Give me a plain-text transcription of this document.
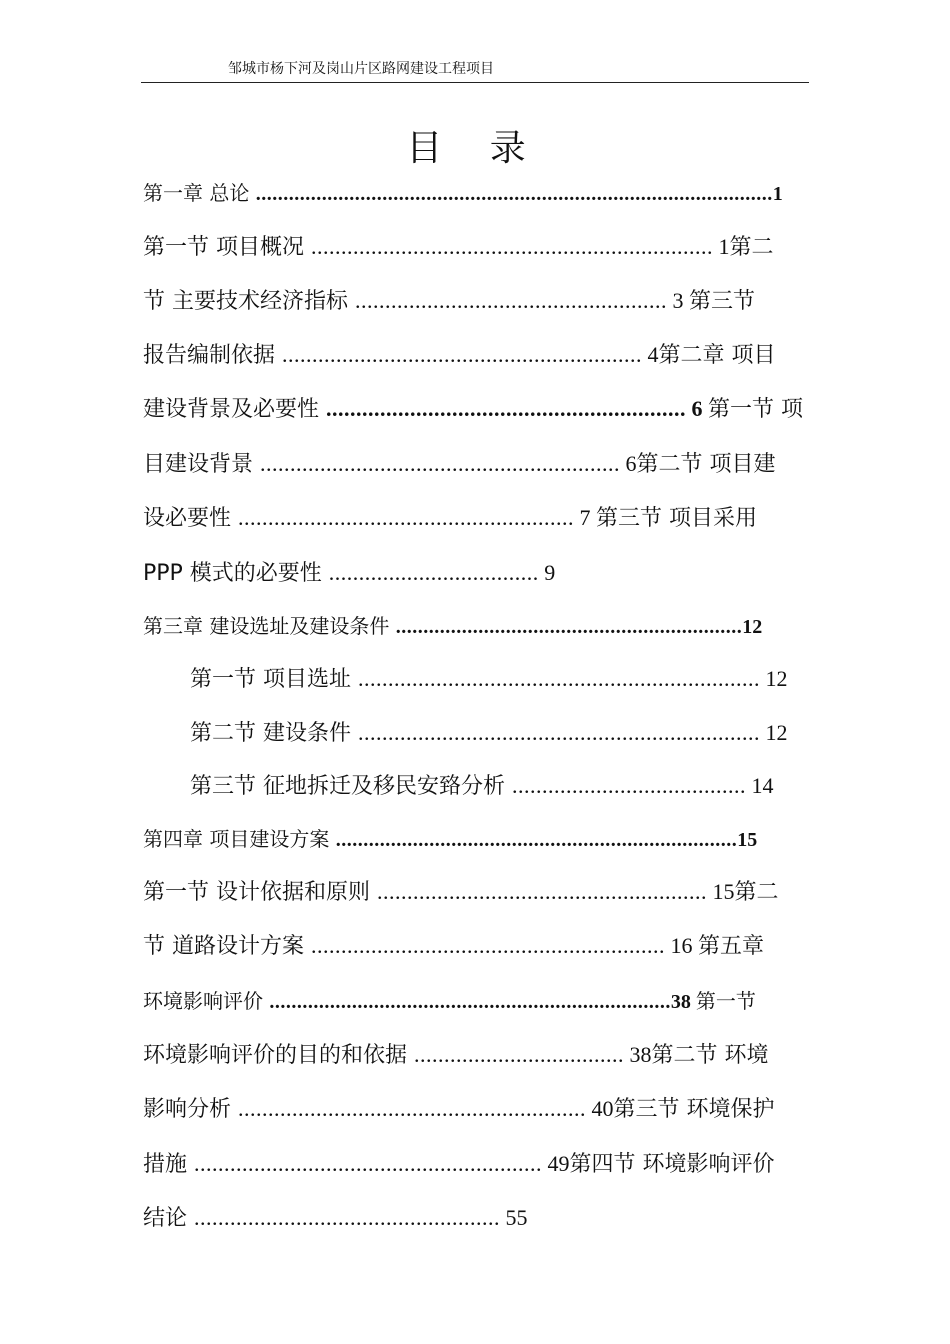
邹城市杨下河及岗山片区路网建设工程项目
目 录
第一章 总论 ..............................................................................................1
第一节 项目概况 ................................................................... 1第二
节 主要技术经济指标 .................................................... 3 第三节
报告编制依据 ............................................................ 4第二章 项目
建设背景及必要性 ............................................................ 6 第一节 项
目建设背景 ............................................................ 6第二节 项目建
设必要性 ........................................................ 7 第三节 项目采用
PPP 模式的必要性 ................................... 9
第三章 建设选址及建设条件 ...............................................................12
第一节 项目选址 ................................................................... 12
第二节 建设条件 ................................................................... 12
第三节 征地拆迁及移民安臵分析 ....................................... 14
第四章 项目建设方案 .........................................................................15
第一节 设计依据和原则 ....................................................... 15第二
节 道路设计方案 ........................................................... 16 第五章
环境影响评价 .........................................................................38 第一节
环境影响评价的目的和依据 ................................... 38第二节 环境
影响分析 .......................................................... 40第三节 环境保护
措施 .......................................................... 49第四节 环境影响评价
结论 ................................................... 55
